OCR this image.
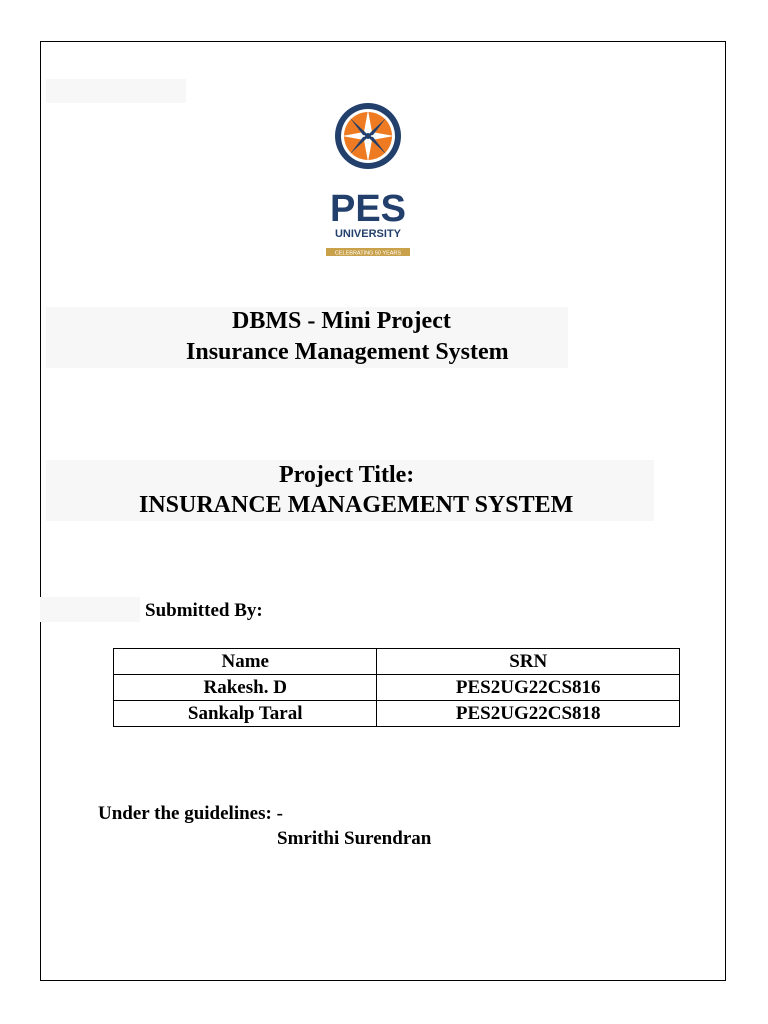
PES
UNIVERSITY
CELEBRATING 50 YEARS
DBMS - Mini Project
Insurance Management System
Project Title:
INSURANCE MANAGEMENT SYSTEM
Submitted By:
Name	SRN
Rakesh. D	PES2UG22CS816
Sankalp Taral	PES2UG22CS818
Under the guidelines: -
Smrithi Surendran
